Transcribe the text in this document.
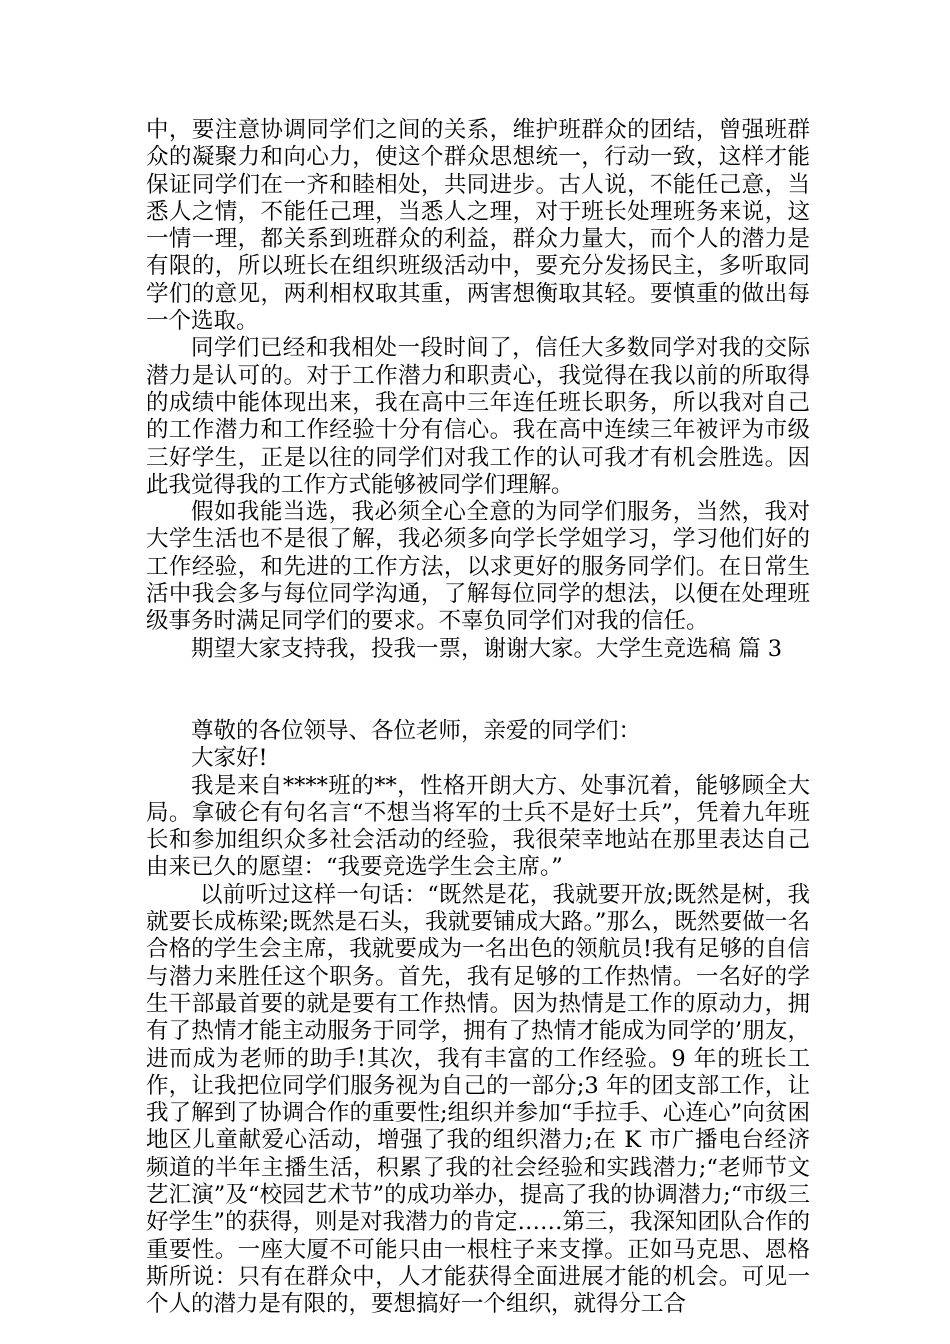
中，要注意协调同学们之间的关系，维护班群众的团结，曾强班群众的凝聚力和向心力，使这个群众思想统一，行动一致，这样才能保证同学们在一齐和睦相处，共同进步。古人说，不能任己意，当悉人之情，不能任己理，当悉人之理，对于班长处理班务来说，这一情一理，都关系到班群众的利益，群众力量大，而个人的潜力是有限的，所以班长在组织班级活动中，要充分发扬民主，多听取同学们的意见，两利相权取其重，两害想衡取其轻。要慎重的做出每一个选取。

同学们已经和我相处一段时间了，信任大多数同学对我的交际潜力是认可的。对于工作潜力和职责心，我觉得在我以前的所取得的成绩中能体现出来，我在高中三年连任班长职务，所以我对自己的工作潜力和工作经验十分有信心。我在高中连续三年被评为市级三好学生，正是以往的同学们对我工作的认可我才有机会胜选。因此我觉得我的工作方式能够被同学们理解。

假如我能当选，我必须全心全意的为同学们服务，当然，我对大学生活也不是很了解，我必须多向学长学姐学习，学习他们好的工作经验，和先进的工作方法，以求更好的服务同学们。在日常生活中我会多与每位同学沟通，了解每位同学的想法，以便在处理班级事务时满足同学们的要求。不辜负同学们对我的信任。

期望大家支持我，投我一票，谢谢大家。大学生竞选稿 篇 3

尊敬的各位领导、各位老师，亲爱的同学们：

大家好!

我是来自****班的**，性格开朗大方、处事沉着，能够顾全大局。拿破仑有句名言“不想当将军的士兵不是好士兵”，凭着九年班长和参加组织众多社会活动的经验，我很荣幸地站在那里表达自己由来已久的愿望：“我要竞选学生会主席。”

以前听过这样一句话：“既然是花，我就要开放;既然是树，我就要长成栋梁;既然是石头，我就要铺成大路。”那么，既然要做一名合格的学生会主席，我就要成为一名出色的领航员!我有足够的自信与潜力来胜任这个职务。首先，我有足够的工作热情。一名好的学生干部最首要的就是要有工作热情。因为热情是工作的原动力，拥有了热情才能主动服务于同学，拥有了热情才能成为同学的’朋友，进而成为老师的助手!其次，我有丰富的工作经验。9 年的班长工作，让我把位同学们服务视为自己的一部分;3 年的团支部工作，让我了解到了协调合作的重要性;组织并参加“手拉手、心连心”向贫困地区儿童献爱心活动，增强了我的组织潜力;在 K 市广播电台经济频道的半年主播生活，积累了我的社会经验和实践潜力;“老师节文艺汇演”及“校园艺术节”的成功举办，提高了我的协调潜力;“市级三好学生”的获得，则是对我潜力的肯定……第三，我深知团队合作的重要性。一座大厦不可能只由一根柱子来支撑。正如马克思、恩格斯所说：只有在群众中，人才能获得全面进展才能的机会。可见一个人的潜力是有限的，要想搞好一个组织，就得分工合
